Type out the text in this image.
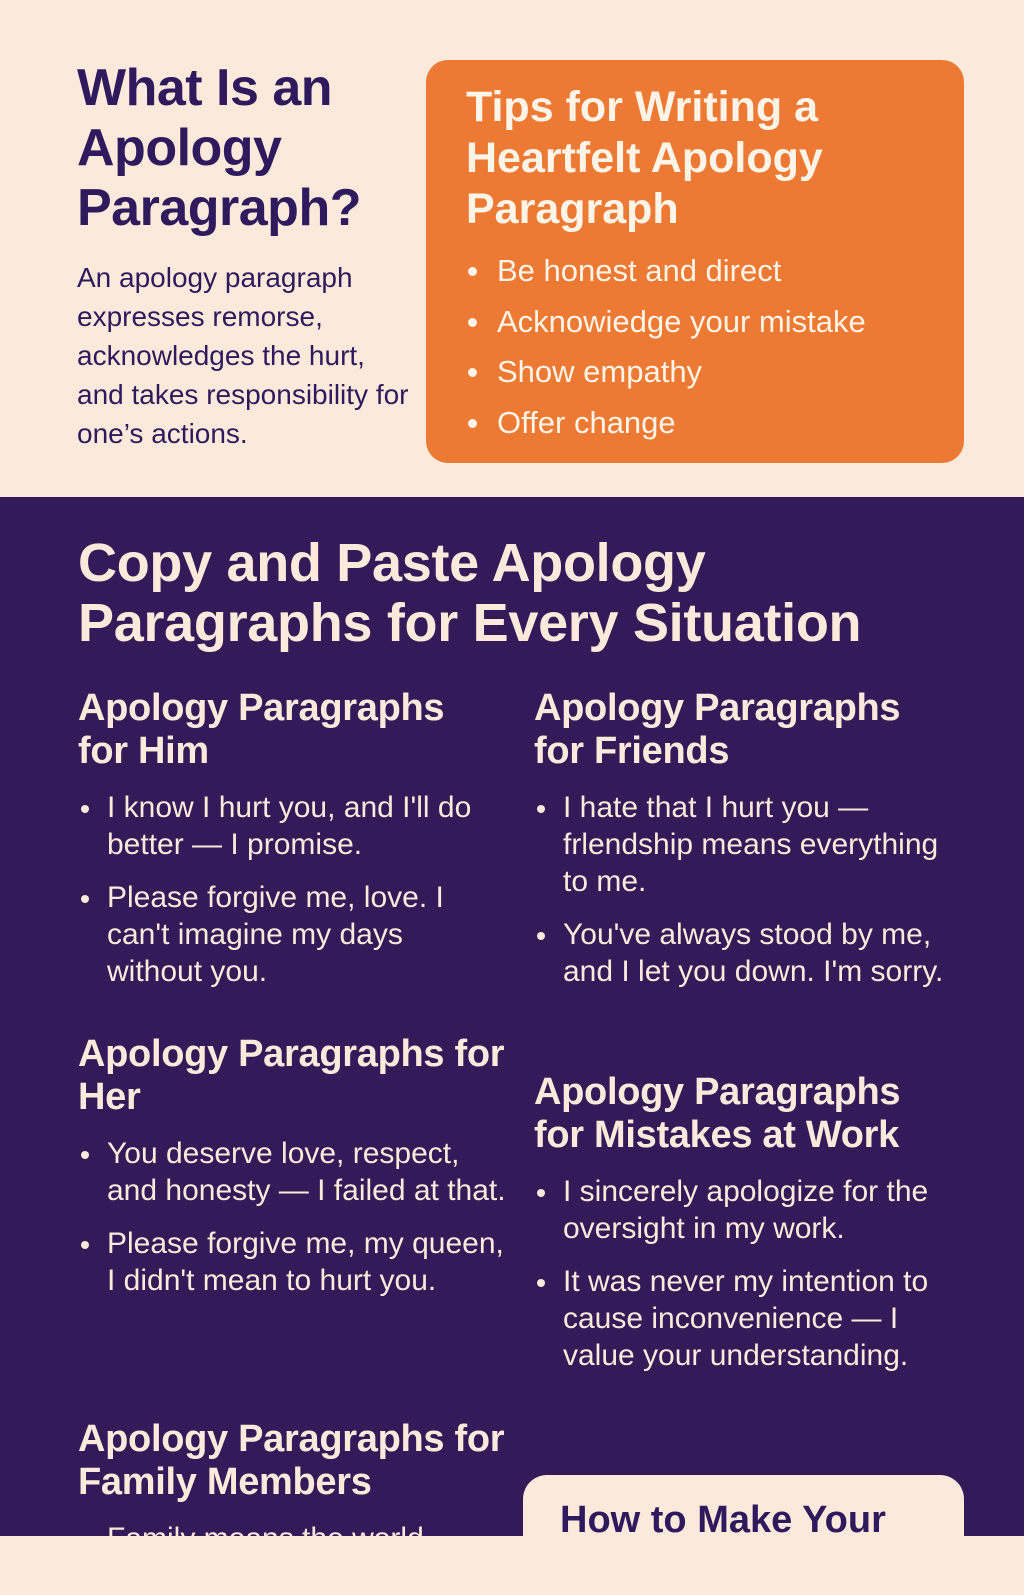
What Is an Apology Paragraph?

An apology paragraph expresses remorse, acknowledges the hurt, and takes responsibility for one’s actions.

Tips for Writing a Heartfelt Apology Paragraph
Be honest and direct
Acknowiedge your mistake
Show empathy
Offer change
Copy and Paste Apology Paragraphs for Every Situation
Apology Paragraphs for Him
I know I hurt you, and I'll do better — I promise.
Please forgive me, love. I can't imagine my days without you.
Apology Paragraphs for Friends
I hate that I hurt you — frlendship means everything to me.
You've always stood by me, and I let you down. I'm sorry.
Apology Paragraphs for Her
You deserve love, respect, and honesty — I failed at that.
Please forgive me, my queen, I didn't mean to hurt you.
Apology Paragraphs for Mistakes at Work
I sincerely apologize for the oversight in my work.
It was never my intention to cause inconvenience — I value your understanding.
Apology Paragraphs for Family Members
Family means the world	How to Make Your
